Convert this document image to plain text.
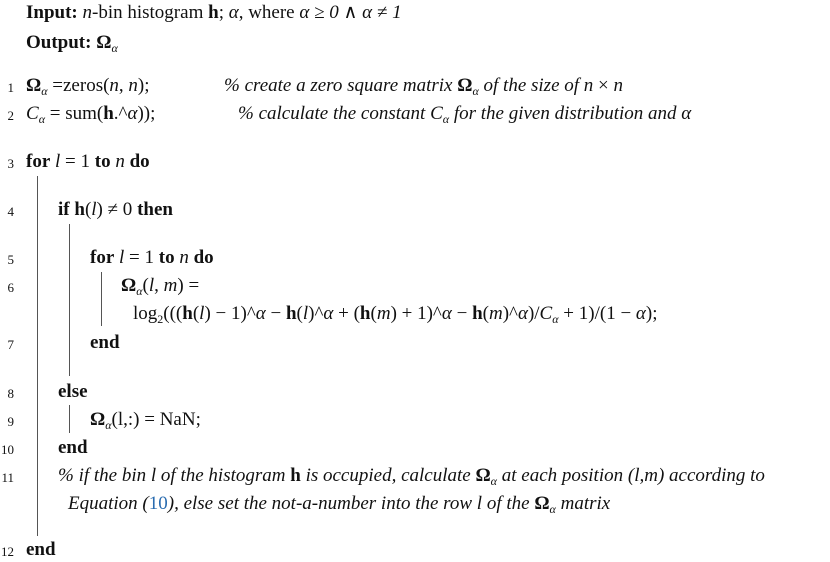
Input: n-bin histogram h; α, where α ≥ 0 ∧ α ≠ 1
Output: $\Omega_\alpha$
1 $\Omega_\alpha$ =zeros(n, n);	% create a zero square matrix $\Omega_\alpha$ of the size of n × n
2 $C_\alpha$ = sum(h.^α));	% calculate the constant $C_\alpha$ for the given distribution and α
3 for l = 1 to n do
4 if h(l) ≠ 0 then
5	for l = 1 to n do
6	$\Omega_\alpha(l$, m) =
$\log_2(((h(l)$ − 1)^α − h(l)^α + (h(m) + 1)^α − $h(m)\^{}\alpha)/C_\alpha + 1)/(1 - \alpha)$;
7	end
8 else
9	$\Omega_\alpha(l,:)$ = NaN;
10 end
11 % if the bin l of the histogram h is occupied, calculate $\Omega_\alpha$ at each position (l,m) according to
Equation (10), else set the not-a-number into the row l of the $\Omega_\alpha$ matrix
12 end
